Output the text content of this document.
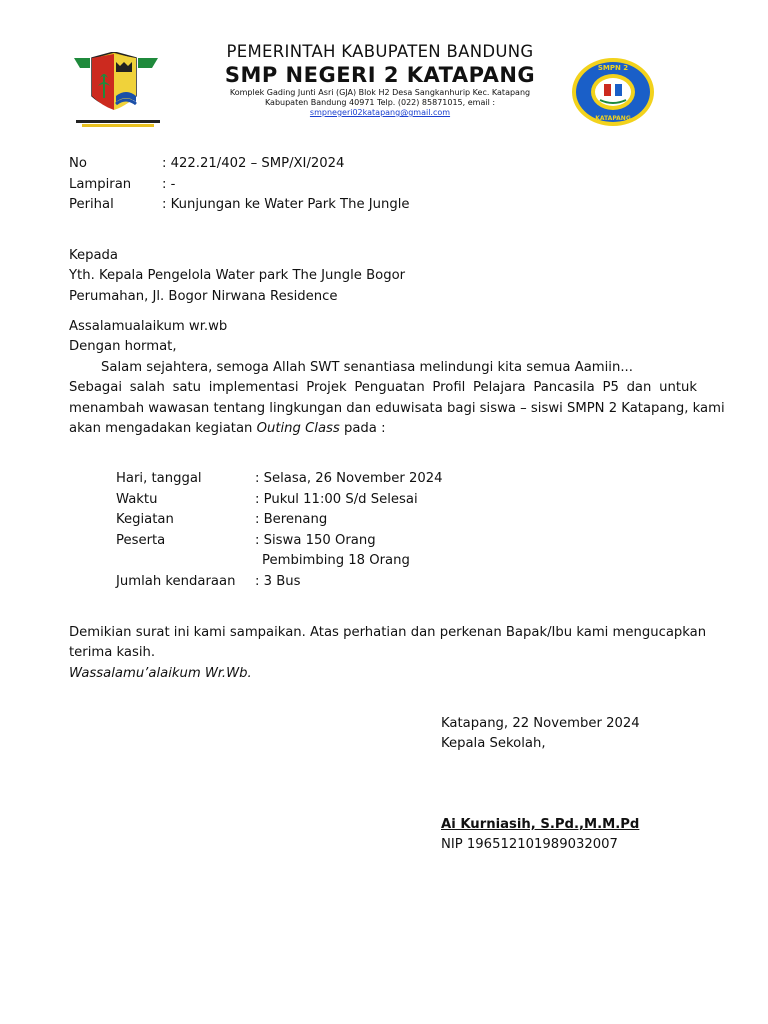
PEMERINTAH KABUPATEN BANDUNG
SMP NEGERI 2 KATAPANG
Komplek Gading Junti Asri (GJA) Blok H2 Desa Sangkanhurip Kec. Katapang
Kabupaten Bandung 40971 Telp. (022) 85871015, email :
smpnegeri02katapang@gmail.com
SMPN 2
KATAPANG
No	: 422.21/402 – SMP/XI/2024
Lampiran : -
Perihal	: Kunjungan ke Water Park The Jungle
Kepada
Yth. Kepala Pengelola Water park The Jungle Bogor
Perumahan, Jl. Bogor Nirwana Residence
Assalamualaikum wr.wb
Dengan hormat,
Salam sejahtera, semoga Allah SWT senantiasa melindungi kita semua Aamiin...
Sebagai salah satu implementasi Projek Penguatan Profil Pelajara Pancasila P5 dan untuk
menambah wawasan tentang lingkungan dan eduwisata bagi siswa – siswi SMPN 2 Katapang, kami
akan mengadakan kegiatan Outing Class pada :
Hari, tanggal	: Selasa, 26 November 2024
Waktu	: Pukul 11:00 S/d Selesai
Kegiatan	: Berenang
Peserta	: Siswa 150 Orang
Pembimbing 18 Orang
Jumlah kendaraan : 3 Bus
Demikian surat ini kami sampaikan. Atas perhatian dan perkenan Bapak/Ibu kami mengucapkan
terima kasih.
Wassalamu’alaikum Wr.Wb.
Katapang, 22 November 2024
Kepala Sekolah,
Ai Kurniasih, S.Pd.,M.M.Pd
NIP 196512101989032007
